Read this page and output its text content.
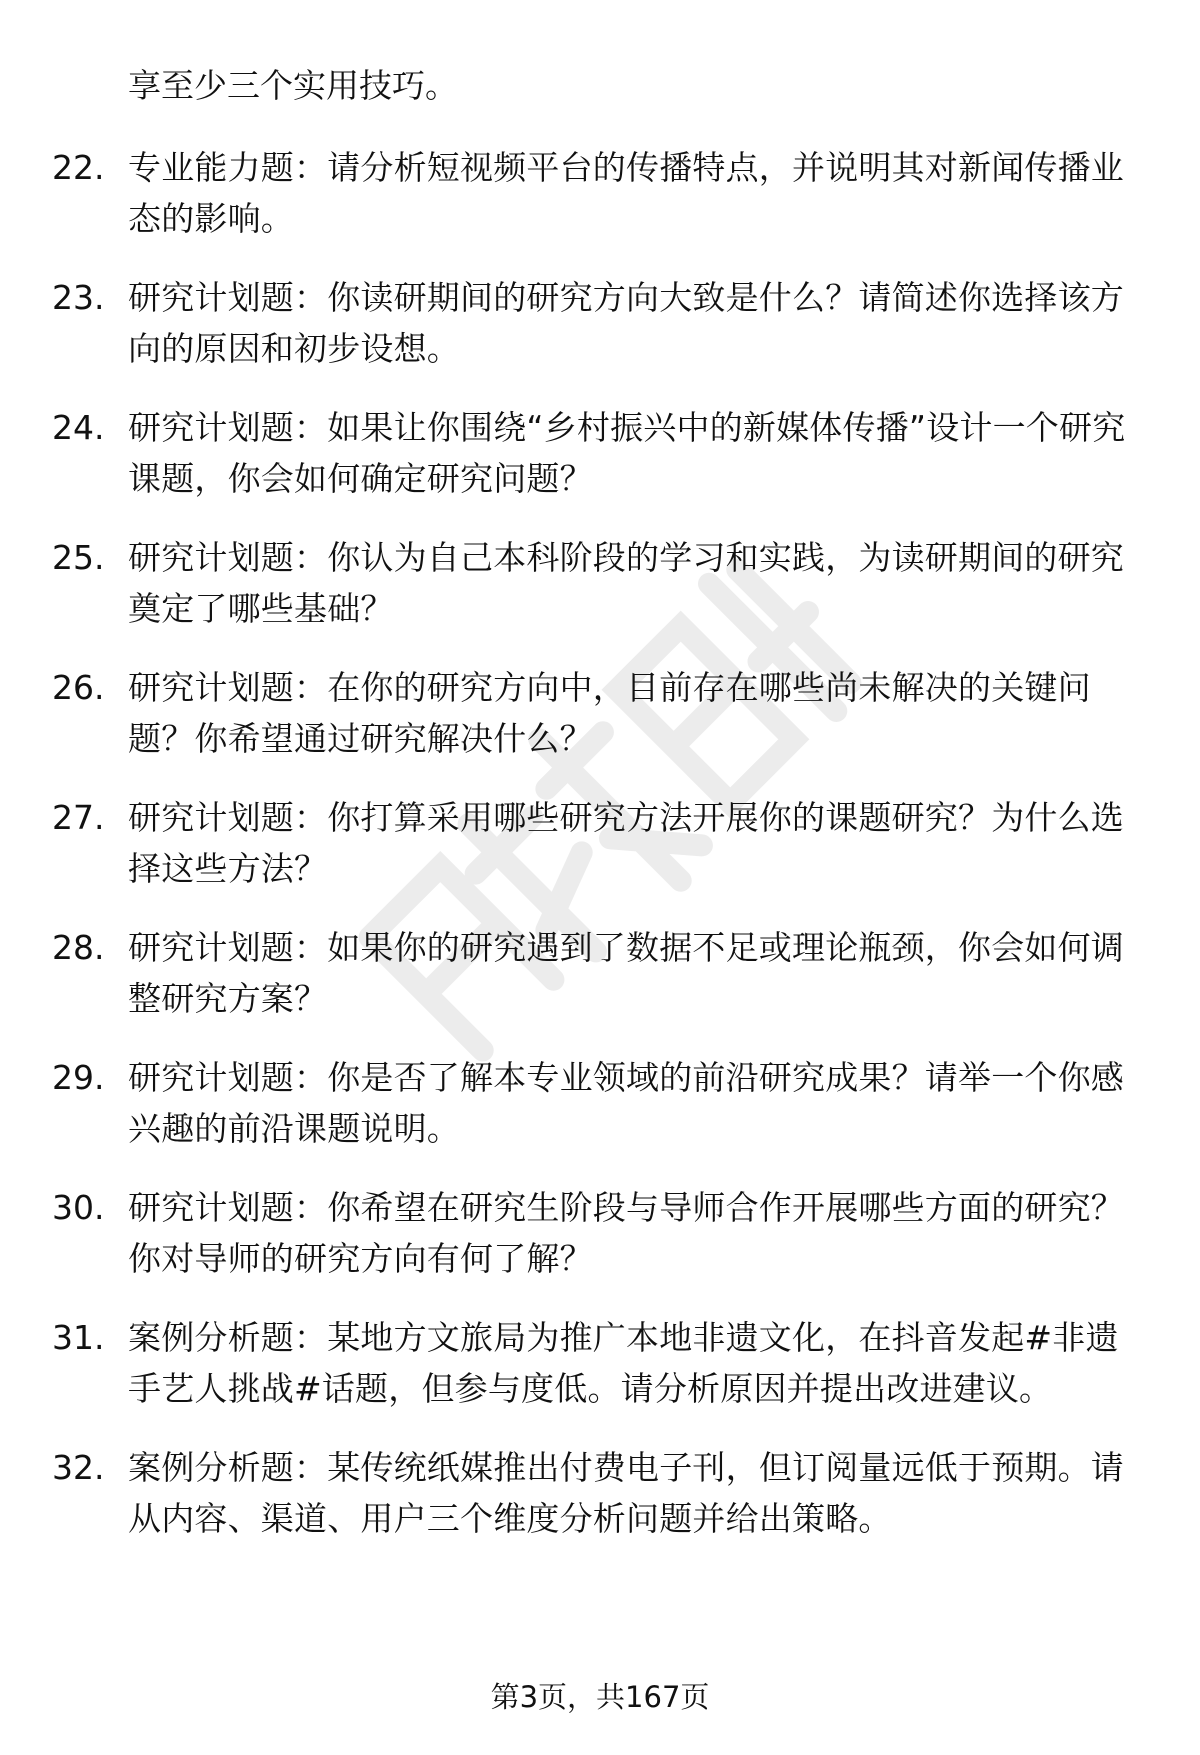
享至少三个实用技巧。
22. 专业能力题：请分析短视频平台的传播特点，并说明其对新闻传播业态的影响。
23. 研究计划题：你读研期间的研究方向大致是什么？请简述你选择该方向的原因和初步设想。
24. 研究计划题：如果让你围绕“乡村振兴中的新媒体传播”设计一个研究课题，你会如何确定研究问题？
25. 研究计划题：你认为自己本科阶段的学习和实践，为读研期间的研究奠定了哪些基础？
26. 研究计划题：在你的研究方向中，目前存在哪些尚未解决的关键问题？你希望通过研究解决什么？
27. 研究计划题：你打算采用哪些研究方法开展你的课题研究？为什么选择这些方法？
28. 研究计划题：如果你的研究遇到了数据不足或理论瓶颈，你会如何调整研究方案？
29. 研究计划题：你是否了解本专业领域的前沿研究成果？请举一个你感兴趣的前沿课题说明。
30. 研究计划题：你希望在研究生阶段与导师合作开展哪些方面的研究？你对导师的研究方向有何了解？
31. 案例分析题：某地方文旅局为推广本地非遗文化，在抖音发起#非遗手艺人挑战#话题，但参与度低。请分析原因并提出改进建议。
32. 案例分析题：某传统纸媒推出付费电子刊，但订阅量远低于预期。请从内容、渠道、用户三个维度分析问题并给出策略。
第3页，共167页
